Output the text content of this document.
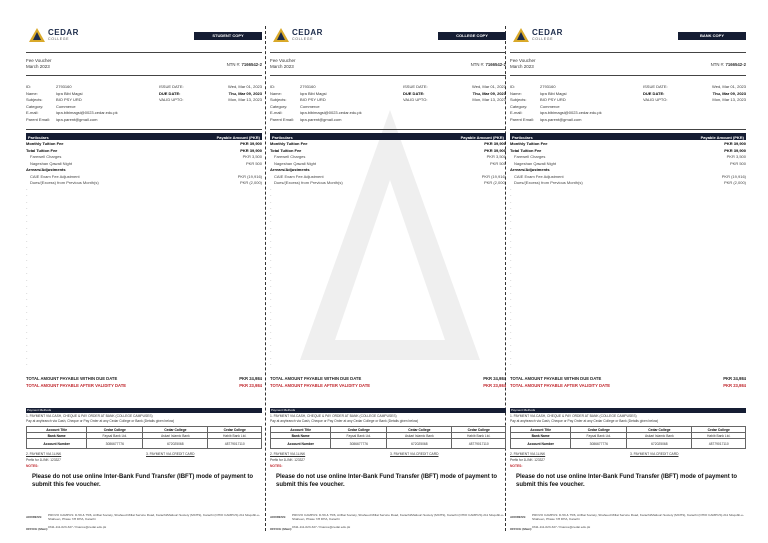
CEDAR
COLLEGE
STUDENT COPY
Fee Voucher
March 2023	NTN #: 7166542-2
ID:	2793160	ISSUE DATE:	Wed, Mar 01, 2023
Name:	Iqra Bibi Magsi	DUE DATE:	Thu, Mar 09, 2023
Subjects:	BIO PSY URD	VALID UPTO:	Mon, Mar 13, 2023
Category:	Commerce
E-mail:	iqra.bibimagsi@0023.cedar.edu.pk
Parent Email: iqra.parent@gmail.com
Particulars	Payable Amount (PKR)
Monthly Tuition Fee	PKR 39,900
Total Tuition Fee	PKR 39,900
Farewell Charges	PKR 3,500
Nageshan Qawali Night	PKR 500
Arrears/Adjustments
CAIE Exam Fee Adjustment	PKR (19,916)
Dues/(Excess) from Previous Month(s)	PKR (2,000)
-
-
-
-
-
-
-
-
-
-
-
-
-
-
-
-
-
-
-
-
-
-
-
-
-
-
-
-
TOTAL AMOUNT PAYABLE WITHIN DUE DATE	PKR 24,984
TOTAL AMOUNT PAYABLE AFTER VALIDITY DATE	PKR 23,984
Payment Methods
1. PAYMENT VIA CASH, CHEQUE & PAY ORDER AT BANK (COLLEGE CAMPUSES)
Pay at anybranch via Cash, Cheque or Pay Order at any Cedar College or Bank (Details given below)
Account Title	Cedar College	Cedar College	Cedar College
Bank Name	Faysal Bank Ltd.	Askari Islamic Bank	Habib Bank Ltd.
Account Number	3086677776	672025068	48779017110
2. PAYMENT VIA 1LINK	3. PAYMENT VIA CREDIT CARD
Prefix for 1LINK: 123327
NOTES:
Please do not use online Inter-Bank Fund Transfer (IBFT) mode of payment to submit this fee voucher.
ADDRESS: PROVO CAMPUS: D-59 & 75/6, Arifbai Society, Shaheed Millat Service Road, Karachi/Matlouri Society (MCHS), Karachi (OHIO CAMPUS) 211 Moqobb-e-Shaheen, Phase 7/8 DHA, Karachi
OFFICE (Main): 0311-111-023-327 / finance@cedar.edu.pk
CEDAR
COLLEGE
COLLEGE COPY
Fee Voucher
March 2023	NTN #: 7166542-2
ID:	2793160	ISSUE DATE:	Wed, Mar 01, 2023
Name:	Iqra Bibi Magsi	DUE DATE:	Thu, Mar 09, 2023
Subjects:	BIO PSY URD	VALID UPTO:	Mon, Mar 13, 2023
Category:	Commerce
E-mail:	iqra.bibimagsi@0023.cedar.edu.pk
Parent Email: iqra.parent@gmail.com
Particulars	Payable Amount (PKR)
Monthly Tuition Fee	PKR 39,900
Total Tuition Fee	PKR 39,900
Farewell Charges	PKR 3,500
Nageshan Qawali Night	PKR 500
Arrears/Adjustments
CAIE Exam Fee Adjustment	PKR (19,916)
Dues/(Excess) from Previous Month(s)	PKR (2,000)
-
-
-
-
-
-
-
-
-
-
-
-
-
-
-
-
-
-
-
-
-
-
-
-
-
-
-
-
TOTAL AMOUNT PAYABLE WITHIN DUE DATE	PKR 24,984
TOTAL AMOUNT PAYABLE AFTER VALIDITY DATE	PKR 23,984
Payment Methods
1. PAYMENT VIA CASH, CHEQUE & PAY ORDER AT BANK (COLLEGE CAMPUSES)
Pay at anybranch via Cash, Cheque or Pay Order at any Cedar College or Bank (Details given below)
Account Title	Cedar College	Cedar College	Cedar College
Bank Name	Faysal Bank Ltd.	Askari Islamic Bank	Habib Bank Ltd.
Account Number	3086677776	672025068	48779017110
2. PAYMENT VIA 1LINK	3. PAYMENT VIA CREDIT CARD
Prefix for 1LINK: 123327
NOTES:
Please do not use online Inter-Bank Fund Transfer (IBFT) mode of payment to submit this fee voucher.
ADDRESS: PROVO CAMPUS: D-59 & 75/6, Arifbai Society, Shaheed Millat Service Road, Karachi/Matlouri Society (MCHS), Karachi (OHIO CAMPUS) 211 Moqobb-e-Shaheen, Phase 7/8 DHA, Karachi
OFFICE (Main): 0311-111-023-327 / finance@cedar.edu.pk
CEDAR
COLLEGE
BANK COPY
Fee Voucher
March 2023	NTN #: 7166542-2
ID:	2793160	ISSUE DATE:	Wed, Mar 01, 2023
Name:	Iqra Bibi Magsi	DUE DATE:	Thu, Mar 09, 2023
Subjects:	BIO PSY URD	VALID UPTO:	Mon, Mar 13, 2023
Category:	Commerce
E-mail:	iqra.bibimagsi@0023.cedar.edu.pk
Parent Email: iqra.parent@gmail.com
Particulars	Payable Amount (PKR)
Monthly Tuition Fee	PKR 39,900
Total Tuition Fee	PKR 39,900
Farewell Charges	PKR 3,500
Nageshan Qawali Night	PKR 500
Arrears/Adjustments
CAIE Exam Fee Adjustment	PKR (19,916)
Dues/(Excess) from Previous Month(s)	PKR (2,000)
-
-
-
-
-
-
-
-
-
-
-
-
-
-
-
-
-
-
-
-
-
-
-
-
-
-
-
-
TOTAL AMOUNT PAYABLE WITHIN DUE DATE	PKR 24,984
TOTAL AMOUNT PAYABLE AFTER VALIDITY DATE	PKR 23,984
Payment Methods
1. PAYMENT VIA CASH, CHEQUE & PAY ORDER AT BANK (COLLEGE CAMPUSES)
Pay at anybranch via Cash, Cheque or Pay Order at any Cedar College or Bank (Details given below)
Account Title	Cedar College	Cedar College	Cedar College
Bank Name	Faysal Bank Ltd.	Askari Islamic Bank	Habib Bank Ltd.
Account Number	3086677776	672025068	48779017110
2. PAYMENT VIA 1LINK	3. PAYMENT VIA CREDIT CARD
Prefix for 1LINK: 123327
NOTES:
Please do not use online Inter-Bank Fund Transfer (IBFT) mode of payment to submit this fee voucher.
ADDRESS: PROVO CAMPUS: D-59 & 75/6, Arifbai Society, Shaheed Millat Service Road, Karachi/Matlouri Society (MCHS), Karachi (OHIO CAMPUS) 211 Moqobb-e-Shaheen, Phase 7/8 DHA, Karachi
OFFICE (Main): 0311-111-023-327 / finance@cedar.edu.pk
